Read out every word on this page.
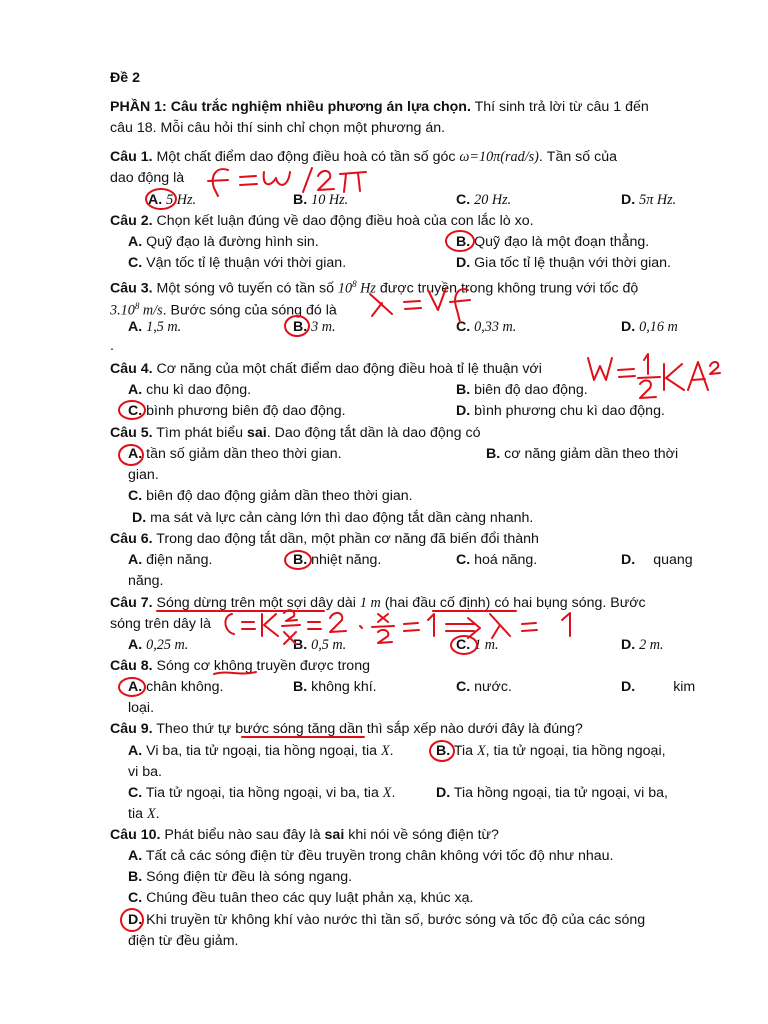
Đề 2
PHẦN 1: Câu trắc nghiệm nhiều phương án lựa chọn. Thí sinh trả lời từ câu 1 đến
câu 18. Mỗi câu hỏi thí sinh chỉ chọn một phương án.
Câu 1. Một chất điểm dao động điều hoà có tần số góc ω=10π(rad/s). Tần số của
dao động là
A. 5 Hz.	B. 10 Hz.	C. 20 Hz.	D. 5π Hz.
Câu 2. Chọn kết luận đúng về dao động điều hoà của con lắc lò xo.
A. Quỹ đạo là đường hình sin.	B. Quỹ đạo là một đoạn thẳng.
C. Vận tốc tỉ lệ thuận với thời gian.	D. Gia tốc tỉ lệ thuận với thời gian.
Câu 3. Một sóng vô tuyến có tần số $10^8$ Hz được truyền trong không trung với tốc độ
3.10$^8$ m/s. Bước sóng của sóng đó là
A. 1,5 m.	B. 3 m.	C. 0,33 m.	D. 0,16 m
.
Câu 4. Cơ năng của một chất điểm dao động điều hoà tỉ lệ thuận với
A. chu kì dao động.	B. biên độ dao động.
C. bình phương biên độ dao động.	D. bình phương chu kì dao động.
Câu 5. Tìm phát biểu sai. Dao động tắt dần là dao động có
A. tần số giảm dần theo thời gian.	B. cơ năng giảm dần theo thời
gian.
C. biên độ dao động giảm dần theo thời gian.
D. ma sát và lực cản càng lớn thì dao động tắt dần càng nhanh.
Câu 6. Trong dao động tắt dần, một phần cơ năng đã biến đổi thành
A. điện năng.	B. nhiệt năng.	C. hoá năng.	D. quang
năng.
Câu 7. Sóng dừng trên một sợi dây dài 1 m (hai đầu cố định) có hai bụng sóng. Bước
sóng trên dây là
A. 0,25 m.	B. 0,5 m.	C. 1 m.	D. 2 m.
Câu 8. Sóng cơ không truyền được trong
A. chân không.	B. không khí.	C. nước.	D.	kim
loại.
Câu 9. Theo thứ tự bước sóng tăng dần thì sắp xếp nào dưới đây là đúng?
A. Vi ba, tia tử ngoại, tia hồng ngoại, tia X.	B. Tia X, tia tử ngoại, tia hồng ngoại,
vi ba.
C. Tia tử ngoại, tia hồng ngoại, vi ba, tia X.	D. Tia hồng ngoại, tia tử ngoại, vi ba,
tia X.
Câu 10. Phát biểu nào sau đây là sai khi nói về sóng điện từ?
A. Tất cả các sóng điện từ đều truyền trong chân không với tốc độ như nhau.
B. Sóng điện từ đều là sóng ngang.
C. Chúng đều tuân theo các quy luật phản xạ, khúc xạ.
D. Khi truyền từ không khí vào nước thì tần số, bước sóng và tốc độ của các sóng
điện từ đều giảm.
